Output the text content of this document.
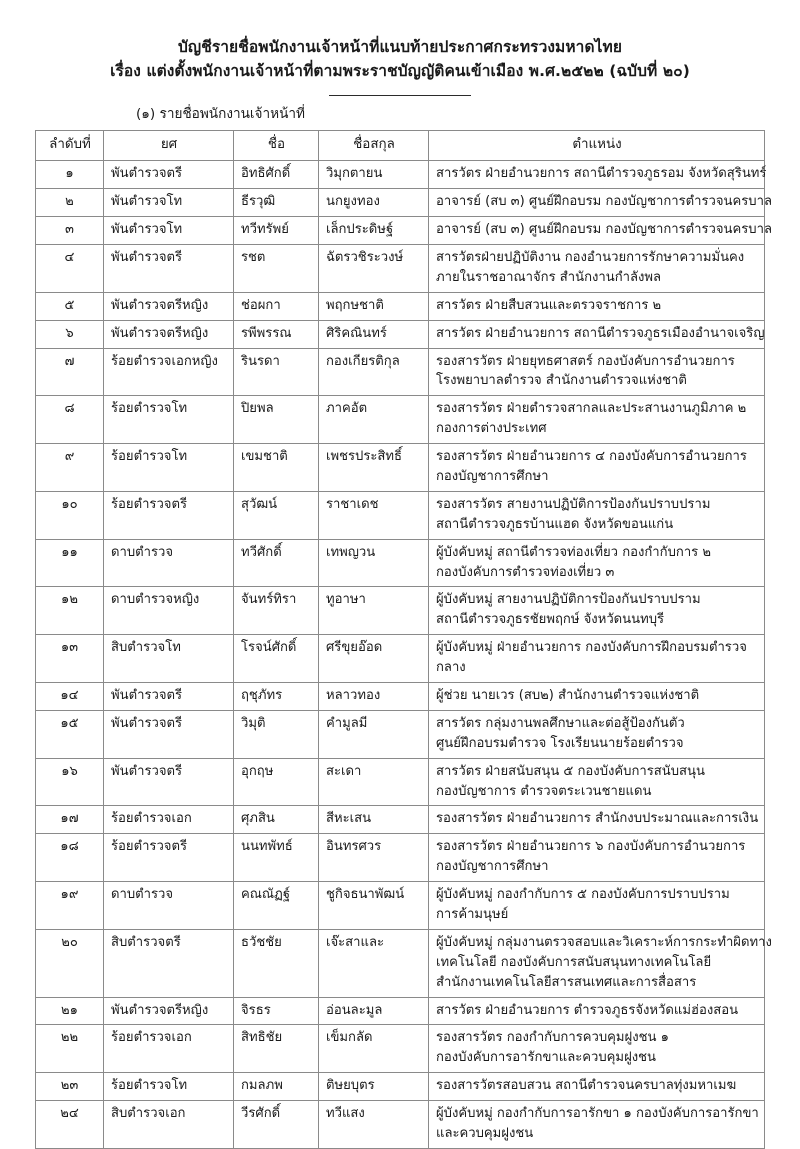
บัญชีรายชื่อพนักงานเจ้าหน้าที่แนบท้ายประกาศกระทรวงมหาดไทย
เรื่อง แต่งตั้งพนักงานเจ้าหน้าที่ตามพระราชบัญญัติคนเข้าเมือง พ.ศ.๒๕๒๒ (ฉบับที่ ๒๐)
(๑) รายชื่อพนักงานเจ้าหน้าที่
ลำดับที่	ยศ	ชื่อ	ชื่อสกุล	ตำแหน่ง
๑	พันตำรวจตรี	อิทธิศักดิ์	วิมุกตายน	สารวัตร ฝ่ายอำนวยการ สถานีตำรวจภูธรอม จังหวัดสุรินทร์

๒	พันตำรวจโท	ธีรวุฒิ	นกยูงทอง	อาจารย์ (สบ ๓) ศูนย์ฝึกอบรม กองบัญชาการตำรวจนครบาล

๓	พันตำรวจโท	ทวีทรัพย์	เล็กประดิษฐ์	อาจารย์ (สบ ๓) ศูนย์ฝึกอบรม กองบัญชาการตำรวจนครบาล

๔	พันตำรวจตรี	รชต	ฉัตรวชิระวงษ์	สารวัตรฝ่ายปฏิบัติงาน กองอำนวยการรักษาความมั่นคง
ภายในราชอาณาจักร สำนักงานกำลังพล

๕	พันตำรวจตรีหญิง	ช่อผกา	พฤกษชาติ	สารวัตร ฝ่ายสืบสวนและตรวจราชการ ๒

๖	พันตำรวจตรีหญิง	รพีพรรณ	ศิริคณินทร์	สารวัตร ฝ่ายอำนวยการ สถานีตำรวจภูธรเมืองอำนาจเจริญ

๗	ร้อยตำรวจเอกหญิง	รินรดา	กองเกียรติกุล	รองสารวัตร ฝ่ายยุทธศาสตร์ กองบังคับการอำนวยการ
โรงพยาบาลตำรวจ สำนักงานตำรวจแห่งชาติ

๘	ร้อยตำรวจโท	ปิยพล	ภาคอัต	รองสารวัตร ฝ่ายตำรวจสากลและประสานงานภูมิภาค ๒
กองการต่างประเทศ

๙	ร้อยตำรวจโท	เขมชาติ	เพชรประสิทธิ์	รองสารวัตร ฝ่ายอำนวยการ ๔ กองบังคับการอำนวยการ
กองบัญชาการศึกษา

๑๐	ร้อยตำรวจตรี	สุวัฒน์	ราชาเดช	รองสารวัตร สายงานปฏิบัติการป้องกันปราบปราม
สถานีตำรวจภูธรบ้านแฮด จังหวัดขอนแก่น

๑๑	ดาบตำรวจ	ทวีศักดิ์	เทพญวน	ผู้บังคับหมู่ สถานีตำรวจท่องเที่ยว กองกำกับการ ๒
กองบังคับการตำรวจท่องเที่ยว ๓

๑๒	ดาบตำรวจหญิง	จันทร์ทิรา	ทูอาษา	ผู้บังคับหมู่ สายงานปฏิบัติการป้องกันปราบปราม
สถานีตำรวจภูธรชัยพฤกษ์ จังหวัดนนทบุรี

๑๓	สิบตำรวจโท	โรจน์ศักดิ์	ศรีขุยอ๊อด	ผู้บังคับหมู่ ฝ่ายอำนวยการ กองบังคับการฝึกอบรมตำรวจ
กลาง

๑๔	พันตำรวจตรี	ฤชุภัทร	หลาวทอง	ผู้ช่วย นายเวร (สบ๒) สำนักงานตำรวจแห่งชาติ

๑๕	พันตำรวจตรี	วิมุติ	คำมูลมี	สารวัตร กลุ่มงานพลศึกษาและต่อสู้ป้องกันตัว
ศูนย์ฝึกอบรมตำรวจ โรงเรียนนายร้อยตำรวจ

๑๖	พันตำรวจตรี	อุกฤษ	สะเดา	สารวัตร ฝ่ายสนับสนุน ๕ กองบังคับการสนับสนุน
กองบัญชาการ ตำรวจตระเวนชายแดน

๑๗	ร้อยตำรวจเอก	ศุภสิน	สีหะเสน	รองสารวัตร ฝ่ายอำนวยการ สำนักงบประมาณและการเงิน

๑๘	ร้อยตำรวจตรี	นนทพัทธ์	อินทรศวร	รองสารวัตร ฝ่ายอำนวยการ ๖ กองบังคับการอำนวยการ
กองบัญชาการศึกษา

๑๙	ดาบตำรวจ	คณณัฏฐ์	ชูกิจธนาพัฒน์	ผู้บังคับหมู่ กองกำกับการ ๕ กองบังคับการปราบปราม
การค้ามนุษย์

๒๐	สิบตำรวจตรี	ธวัชชัย	เจ๊ะสาและ	ผู้บังคับหมู่ กลุ่มงานตรวจสอบและวิเคราะห์การกระทำผิดทาง
เทคโนโลยี กองบังคับการสนับสนุนทางเทคโนโลยี
สำนักงานเทคโนโลยีสารสนเทศและการสื่อสาร

๒๑	พันตำรวจตรีหญิง	จิรธร	อ่อนละมูล	สารวัตร ฝ่ายอำนวยการ ตำรวจภูธรจังหวัดแม่ฮ่องสอน

๒๒	ร้อยตำรวจเอก	สิทธิชัย	เข็มกลัด	รองสารวัตร กองกำกับการควบคุมฝูงชน ๑
กองบังคับการอารักขาและควบคุมฝูงชน

๒๓	ร้อยตำรวจโท	กมลภพ	ติษยบุตร	รองสารวัตรสอบสวน สถานีตำรวจนครบาลทุ่งมหาเมฆ

๒๔	สิบตำรวจเอก	วีรศักดิ์	ทวีแสง	ผู้บังคับหมู่ กองกำกับการอารักขา ๑ กองบังคับการอารักขา
และควบคุมฝูงชน
